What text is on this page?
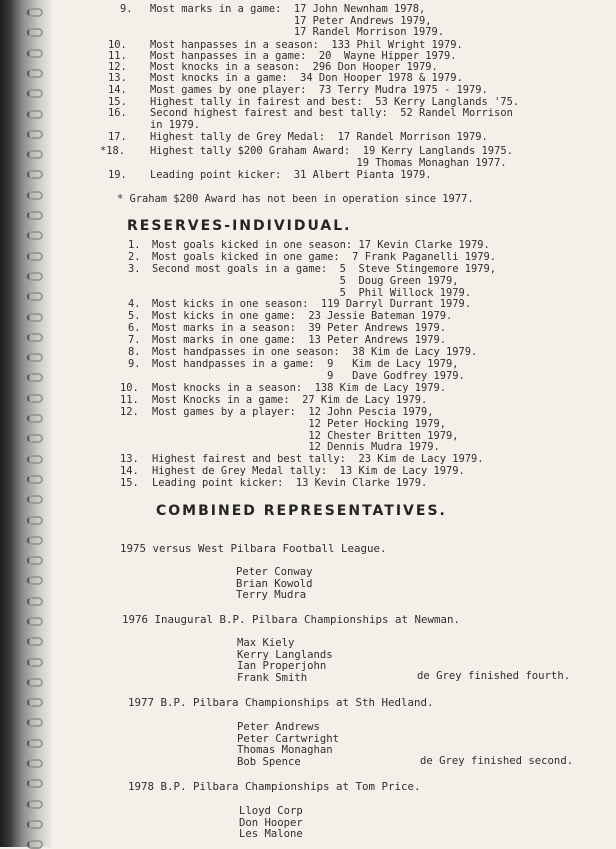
RESERVES-INDIVIDUAL.
COMBINED REPRESENTATIVES.
9. Most marks in a game:  17 John Newnham 1978,
17 Peter Andrews 1979,
17 Randel Morrison 1979.
10. Most hanpasses in a season:  133 Phil Wright 1979.
11. Most hanpasses in a game:  20  Wayne Hipper 1979.
12. Most knocks in a season:  296 Don Hooper 1979.
13. Most knocks in a game:  34 Don Hooper 1978 & 1979.
14. Most games by one player:  73 Terry Mudra 1975 - 1979.
15. Highest tally in fairest and best:  53 Kerry Langlands '75.
16. Second highest fairest and best tally:  52 Randel Morrison
in 1979.
17. Highest tally de Grey Medal:  17 Randel Morrison 1979.
*18. Highest tally $200 Graham Award:  19 Kerry Langlands 1975.
19 Thomas Monaghan 1977.
19. Leading point kicker:  31 Albert Pianta 1979.
* Graham $200 Award has not been in operation since 1977.
1. Most goals kicked in one season: 17 Kevin Clarke 1979.
2. Most goals kicked in one game:  7 Frank Paganelli 1979.
3. Second most goals in a game:  5  Steve Stingemore 1979,
5  Doug Green 1979,
5  Phil Willock 1979.
4. Most kicks in one season:  119 Darryl Durrant 1979.
5. Most kicks in one game:  23 Jessie Bateman 1979.
6. Most marks in a season:  39 Peter Andrews 1979.
7. Most marks in one game:  13 Peter Andrews 1979.
8. Most handpasses in one season:  38 Kim de Lacy 1979.
9. Most handpasses in a game:  9   Kim de Lacy 1979,
9   Dave Godfrey 1979.
10. Most knocks in a season:  138 Kim de Lacy 1979.
11. Most Knocks in a game:  27 Kim de Lacy 1979.
12. Most games by a player:  12 John Pescia 1979,
12 Peter Hocking 1979,
12 Chester Britten 1979,
12 Dennis Mudra 1979.
13. Highest fairest and best tally:  23 Kim de Lacy 1979.
14. Highest de Grey Medal tally:  13 Kim de Lacy 1979.
15. Leading point kicker:  13 Kevin Clarke 1979.
1975 versus West Pilbara Football League.
Peter Conway
Brian Kowold
Terry Mudra
1976 Inaugural B.P. Pilbara Championships at Newman.
Max Kiely
Kerry Langlands
Ian Properjohn
Frank Smith	de Grey finished fourth.
1977 B.P. Pilbara Championships at Sth Hedland.
Peter Andrews
Peter Cartwright
Thomas Monaghan
Bob Spence	de Grey finished second.
1978 B.P. Pilbara Championships at Tom Price.
Lloyd Corp
Don Hooper
Les Malone
